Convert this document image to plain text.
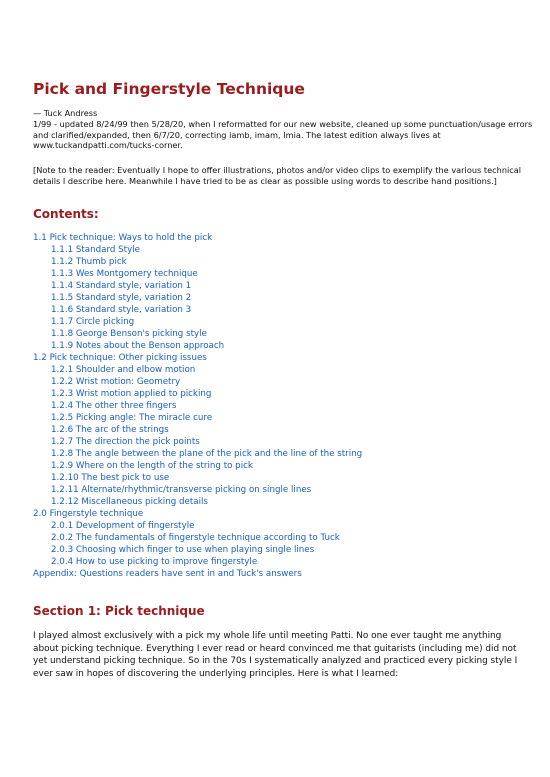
Pick and Fingerstyle Technique
— Tuck Andress
1/99 - updated 8/24/99 then 5/28/20, when I reformatted for our new website, cleaned up some punctuation/usage errors and clarified/expanded, then 6/7/20, correcting iamb, imam, Imia. The latest edition always lives at www.tuckandpatti.com/tucks-corner.
[Note to the reader: Eventually I hope to offer illustrations, photos and/or video clips to exemplify the various technical details I describe here. Meanwhile I have tried to be as clear as possible using words to describe hand positions.]
Contents:
1.1 Pick technique: Ways to hold the pick
1.1.1 Standard Style
1.1.2 Thumb pick
1.1.3 Wes Montgomery technique
1.1.4 Standard style, variation 1
1.1.5 Standard style, variation 2
1.1.6 Standard style, variation 3
1.1.7 Circle picking
1.1.8 George Benson's picking style
1.1.9 Notes about the Benson approach
1.2 Pick technique: Other picking issues
1.2.1 Shoulder and elbow motion
1.2.2 Wrist motion: Geometry
1.2.3 Wrist motion applied to picking
1.2.4 The other three fingers
1.2.5 Picking angle: The miracle cure
1.2.6 The arc of the strings
1.2.7 The direction the pick points
1.2.8 The angle between the plane of the pick and the line of the string
1.2.9 Where on the length of the string to pick
1.2.10 The best pick to use
1.2.11 Alternate/rhythmic/transverse picking on single lines
1.2.12 Miscellaneous picking details
2.0 Fingerstyle technique
2.0.1 Development of fingerstyle
2.0.2 The fundamentals of fingerstyle technique according to Tuck
2.0.3 Choosing which finger to use when playing single lines
2.0.4 How to use picking to improve fingerstyle
Appendix: Questions readers have sent in and Tuck's answers
Section 1: Pick technique
I played almost exclusively with a pick my whole life until meeting Patti. No one ever taught me anything about picking technique. Everything I ever read or heard convinced me that guitarists (including me) did not yet understand picking technique. So in the 70s I systematically analyzed and practiced every picking style I ever saw in hopes of discovering the underlying principles. Here is what I learned:
